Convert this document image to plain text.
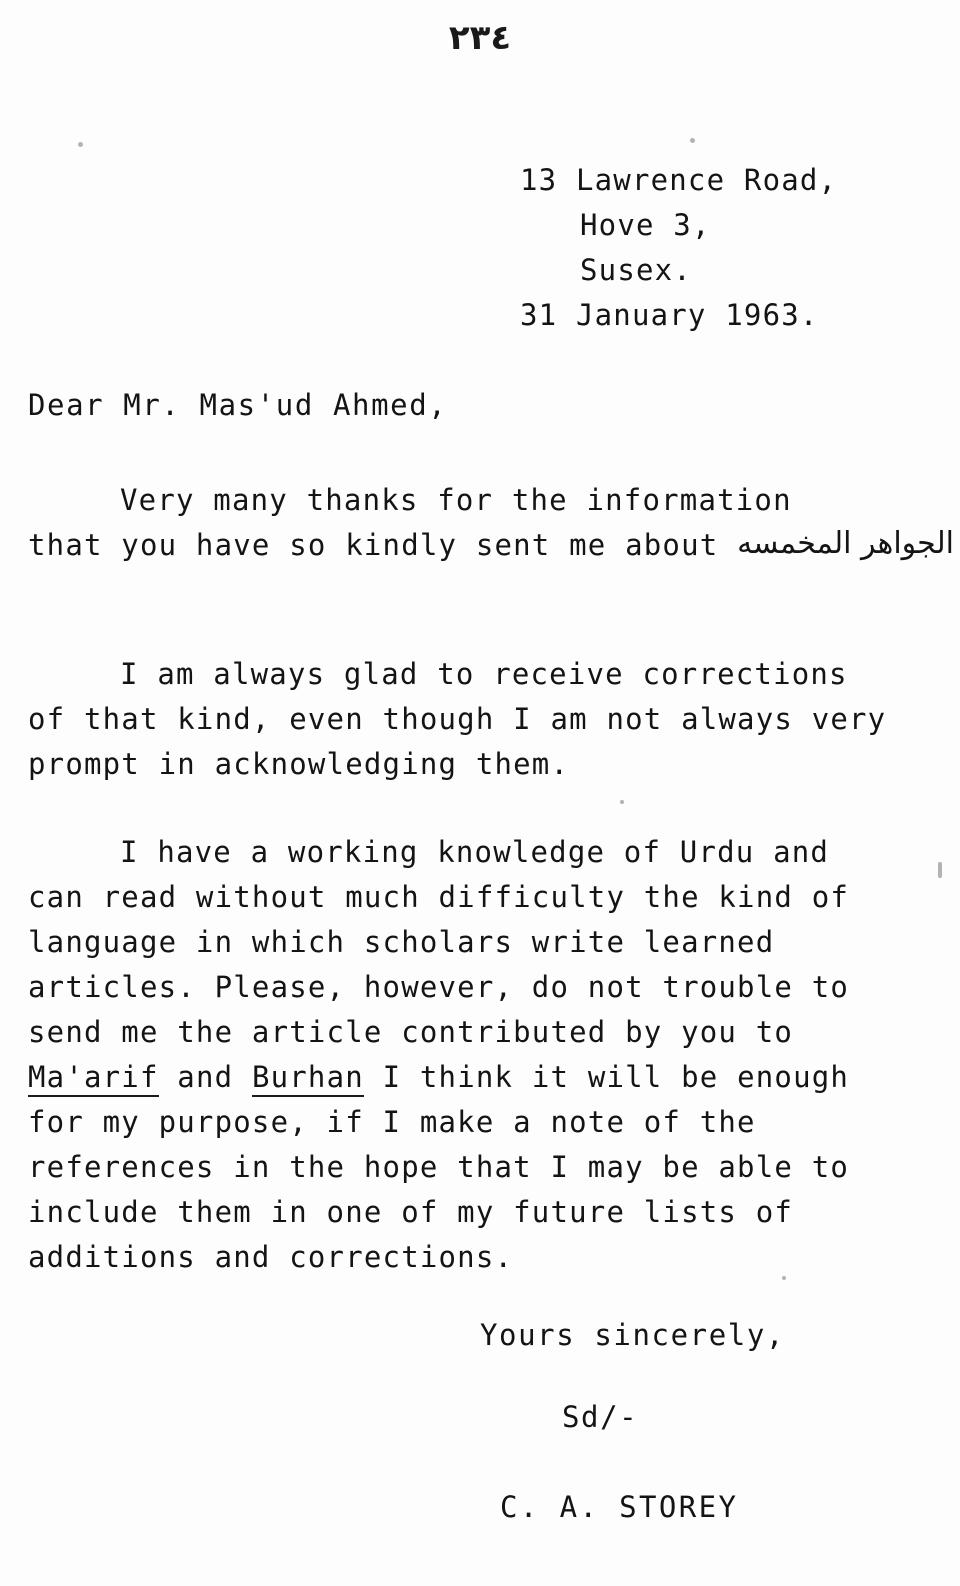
٢٣٤
13 Lawrence Road,
Hove 3,
Susex.
31 January 1963.
Dear Mr. Mas'ud Ahmed,
Very many thanks for the information
that you have so kindly sent me about الجواهر المخمسه
I am always glad to receive corrections
of that kind, even though I am not always very
prompt in acknowledging them.
I have a working knowledge of Urdu and
can read without much difficulty the kind of
language in which scholars write learned
articles. Please, however, do not trouble to
send me the article contributed by you to
Ma'arif and Burhan I think it will be enough
for my purpose, if I make a note of the
references in the hope that I may be able to
include them in one of my future lists of
additions and corrections.
Yours sincerely,
Sd/-
C. A. STOREY
